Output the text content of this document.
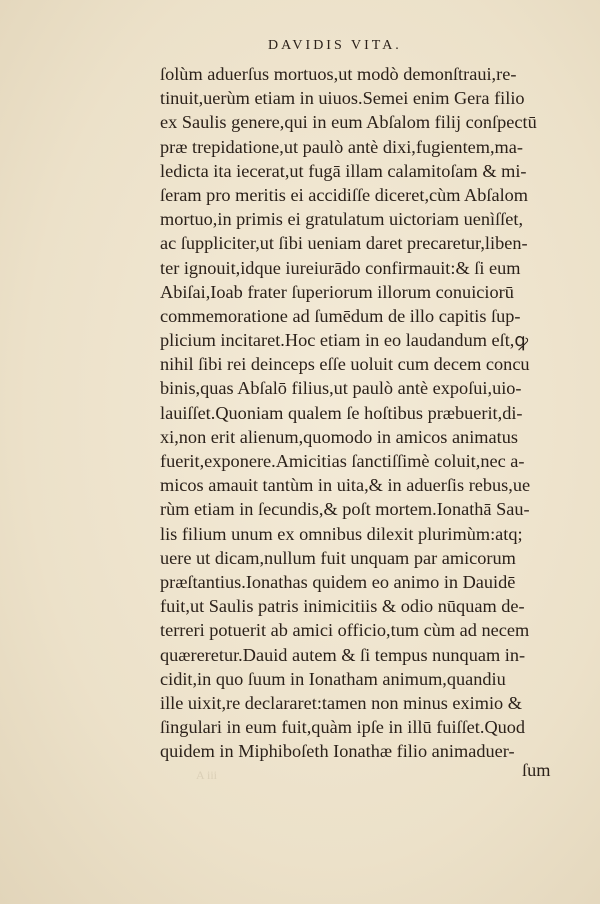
DAVIDIS VITA.
ſolùm aduerſus mortuos,ut modò demonſtraui,re-
tinuit,uerùm etiam in uiuos.Semei enim Gera filio
ex Saulis genere,qui in eum Abſalom filij conſpectū
præ trepidatione,ut paulò antè dixi,fugientem,ma-
ledicta ita iecerat,ut fugā illam calamitoſam & mi-
ſeram pro meritis ei accidiſſe diceret,cùm Abſalom
mortuo,in primis ei gratulatum uictoriam uenìſſet,
ac ſuppliciter,ut ſibi ueniam daret precaretur,liben-
ter ignouit,idque iureiurādo confirmauit:& ſi eum
Abiſai,Ioab frater ſuperiorum illorum conuiciorū
commemoratione ad ſumēdum de illo capitis ſup-
plicium incitaret.Hoc etiam in eo laudandum eſt,ꝙ
nihil ſibi rei deinceps eſſe uoluit cum decem concu
binis,quas Abſalō filius,ut paulò antè expoſui,uio-
lauiſſet.Quoniam qualem ſe hoſtibus præbuerit,di-
xi,non erit alienum,quomodo in amicos animatus
fuerit,exponere.Amicitias ſanctiſſimè coluit,nec a-
micos amauit tantùm in uita,& in aduerſis rebus,ue
rùm etiam in ſecundis,& poſt mortem.Ionathā Sau-
lis filium unum ex omnibus dilexit plurimùm:atq;
uere ut dicam,nullum fuit unquam par amicorum
præſtantius.Ionathas quidem eo animo in Dauidē
fuit,ut Saulis patris inimicitiis & odio nūquam de-
terreri potuerit ab amici officio,tum cùm ad necem
quæreretur.Dauid autem & ſi tempus nunquam in-
cidit,in quo ſuum in Ionatham animum,quandiu
ille uixit,re declararet:tamen non minus eximio &
ſingulari in eum fuit,quàm ipſe in illū fuiſſet.Quod
quidem in Miphiboſeth Ionathæ filio animaduer-
A iii	ſum
